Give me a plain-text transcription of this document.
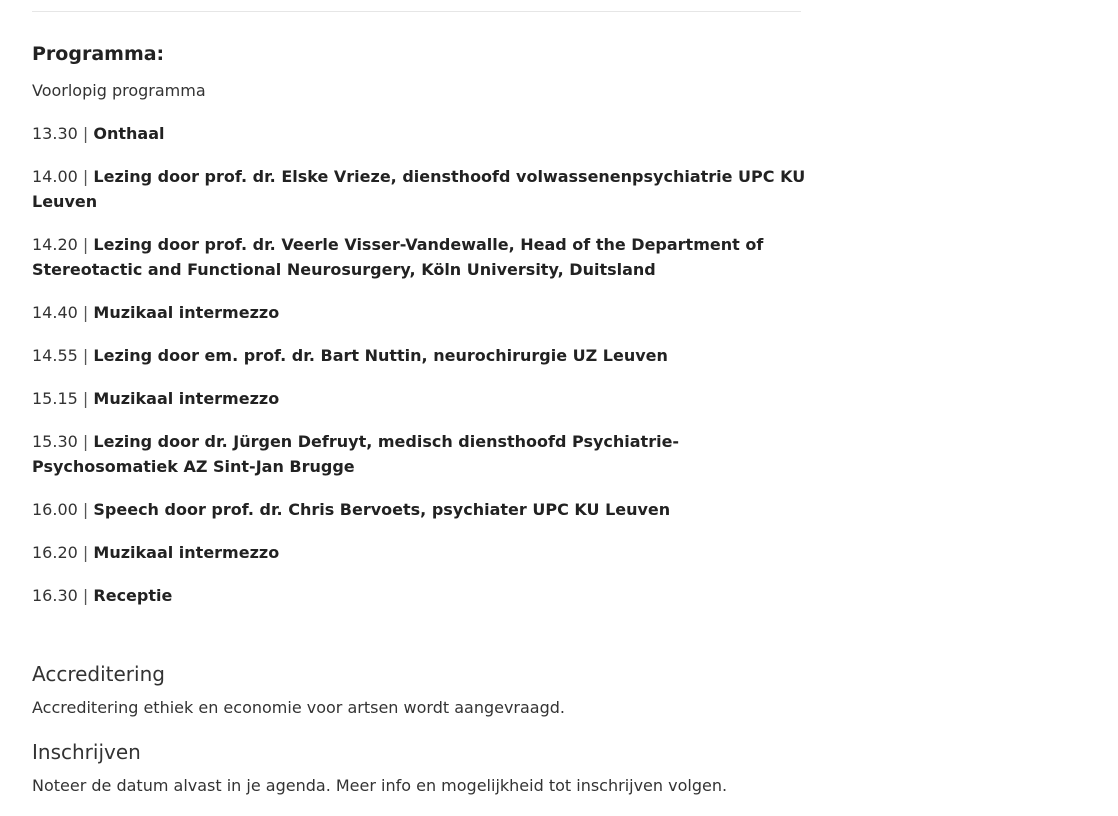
Programma:

Voorlopig programma

13.30 | Onthaal

14.00 | Lezing door prof. dr. Elske Vrieze, diensthoofd volwassenenpsychiatrie UPC KU Leuven

14.20 | Lezing door prof. dr. Veerle Visser-Vandewalle, Head of the Department of Stereotactic and Functional Neurosurgery, Köln University, Duitsland

14.40 | Muzikaal intermezzo

14.55 | Lezing door em. prof. dr. Bart Nuttin, neurochirurgie UZ Leuven

15.15 | Muzikaal intermezzo

15.30 | Lezing door dr. Jürgen Defruyt, medisch diensthoofd Psychiatrie-Psychosomatiek AZ Sint-Jan Brugge

16.00 | Speech door prof. dr. Chris Bervoets, psychiater UPC KU Leuven

16.20 | Muzikaal intermezzo

16.30 | Receptie

Accreditering

Accreditering ethiek en economie voor artsen wordt aangevraagd.

Inschrijven

Noteer de datum alvast in je agenda. Meer info en mogelijkheid tot inschrijven volgen.
